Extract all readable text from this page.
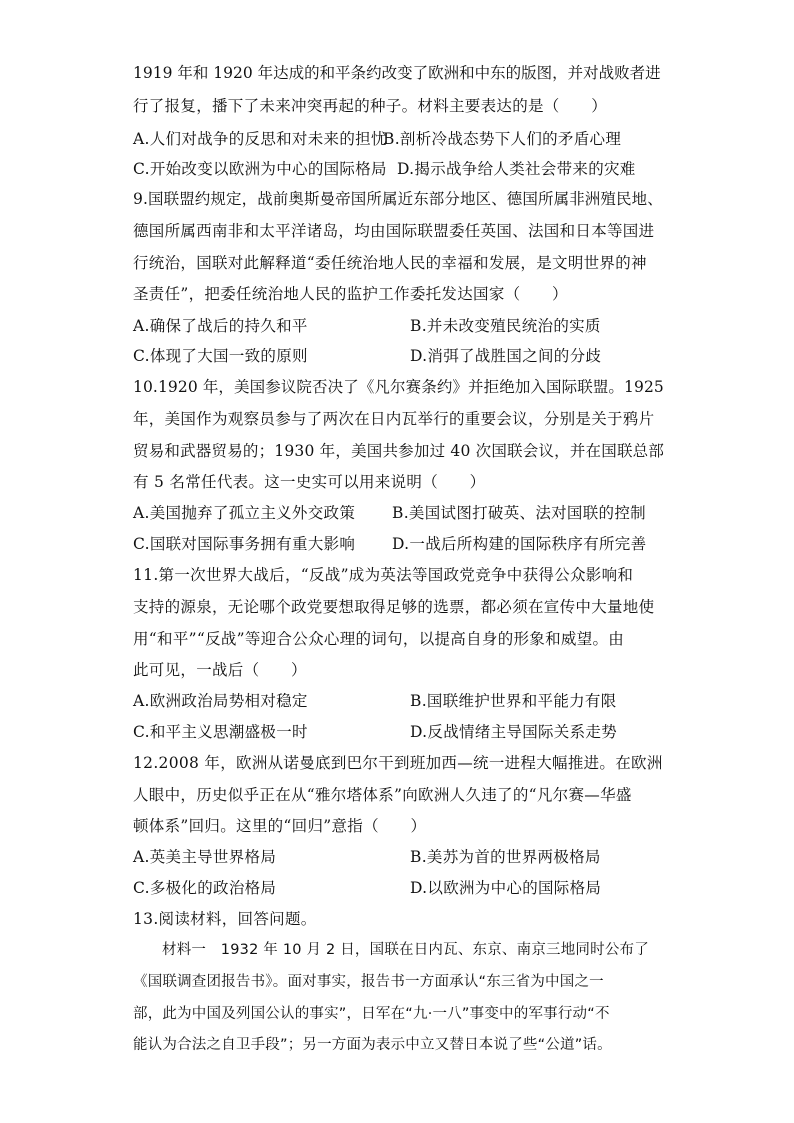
1919 年和 1920 年达成的和平条约改变了欧洲和中东的版图，并对战败者进
行了报复，播下了未来冲突再起的种子。材料主要表达的是（　　）
A.人们对战争的反思和对未来的担忧
B.剖析冷战态势下人们的矛盾心理
C.开始改变以欧洲为中心的国际格局 D.揭示战争给人类社会带来的灾难
9.国联盟约规定，战前奥斯曼帝国所属近东部分地区、德国所属非洲殖民地、
德国所属西南非和太平洋诸岛，均由国际联盟委任英国、法国和日本等国进
行统治，国联对此解释道“委任统治地人民的幸福和发展，是文明世界的神
圣责任”，把委任统治地人民的监护工作委托发达国家（　　）
A.确保了战后的持久和平	B.并未改变殖民统治的实质
C.体现了大国一致的原则	D.消弭了战胜国之间的分歧
10.1920 年，美国参议院否决了《凡尔赛条约》并拒绝加入国际联盟。1925
年，美国作为观察员参与了两次在日内瓦举行的重要会议，分别是关于鸦片
贸易和武器贸易的；1930 年，美国共参加过 40 次国联会议，并在国联总部
有 5 名常任代表。这一史实可以用来说明（　　）
A.美国抛弃了孤立主义外交政策 B.美国试图打破英、法对国联的控制
C.国联对国际事务拥有重大影响 D.一战后所构建的国际秩序有所完善
11.第一次世界大战后，“反战”成为英法等国政党竞争中获得公众影响和
支持的源泉，无论哪个政党要想取得足够的选票，都必须在宣传中大量地使
用“和平”“反战”等迎合公众心理的词句，以提高自身的形象和威望。由
此可见，一战后（　　）
A.欧洲政治局势相对稳定	B.国联维护世界和平能力有限
C.和平主义思潮盛极一时	D.反战情绪主导国际关系走势
12.2008 年，欧洲从诺曼底到巴尔干到班加西—统一进程大幅推进。在欧洲
人眼中，历史似乎正在从“雅尔塔体系”向欧洲人久违了的“凡尔赛—华盛
顿体系”回归。这里的“回归”意指（　　）
A.英美主导世界格局	B.美苏为首的世界两极格局
C.多极化的政治格局	D.以欧洲为中心的国际格局
13.阅读材料，回答问题。
材料一　1932 年 10 月 2 日，国联在日内瓦、东京、南京三地同时公布了
《国联调查团报告书》。面对事实，报告书一方面承认“东三省为中国之一
部，此为中国及列国公认的事实”，日军在“九·一八”事变中的军事行动“不
能认为合法之自卫手段”；另一方面为表示中立又替日本说了些“公道”话。
